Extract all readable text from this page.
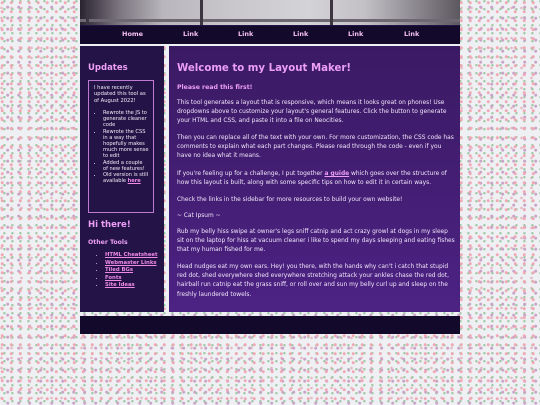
Home	Link	Link	Link	Link	Link
Updates

I have recently updated this tool as of August 2022!

• Rewrote the JS to generate cleaner code
• Rewrote the CSS in a way that hopefully makes much more sense to edit
• Added a couple of new features!
• Old version is still available here
Hi there!
Other Tools
• HTML Cheatsheet
• Webmaster Links
• Tiled BGs
• Fonts
• Site Ideas
Welcome to my Layout Maker!
Please read this first!

This tool generates a layout that is responsive, which means it looks great on phones! Use dropdowns above to customize your layout's general features. Click the button to generate your HTML and CSS, and paste it into a file on Neocities.

Then you can replace all of the text with your own. For more customization, the CSS code has comments to explain what each part changes. Please read through the code - even if you have no idea what it means.

If you're feeling up for a challenge, I put together a guide which goes over the structure of how this layout is built, along with some specific tips on how to edit it in certain ways.

Check the links in the sidebar for more resources to build your own website!

~ Cat Ipsum ~

Rub my belly hiss swipe at owner's legs sniff catnip and act crazy growl at dogs in my sleep sit on the laptop for hiss at vacuum cleaner i like to spend my days sleeping and eating fishes that my human fished for me.

Head nudges eat my own ears. Hey! you there, with the hands why can't i catch that stupid red dot, shed everywhere shed everywhere stretching attack your ankles chase the red dot, hairball run catnip eat the grass sniff, or roll over and sun my belly curl up and sleep on the freshly laundered towels.
